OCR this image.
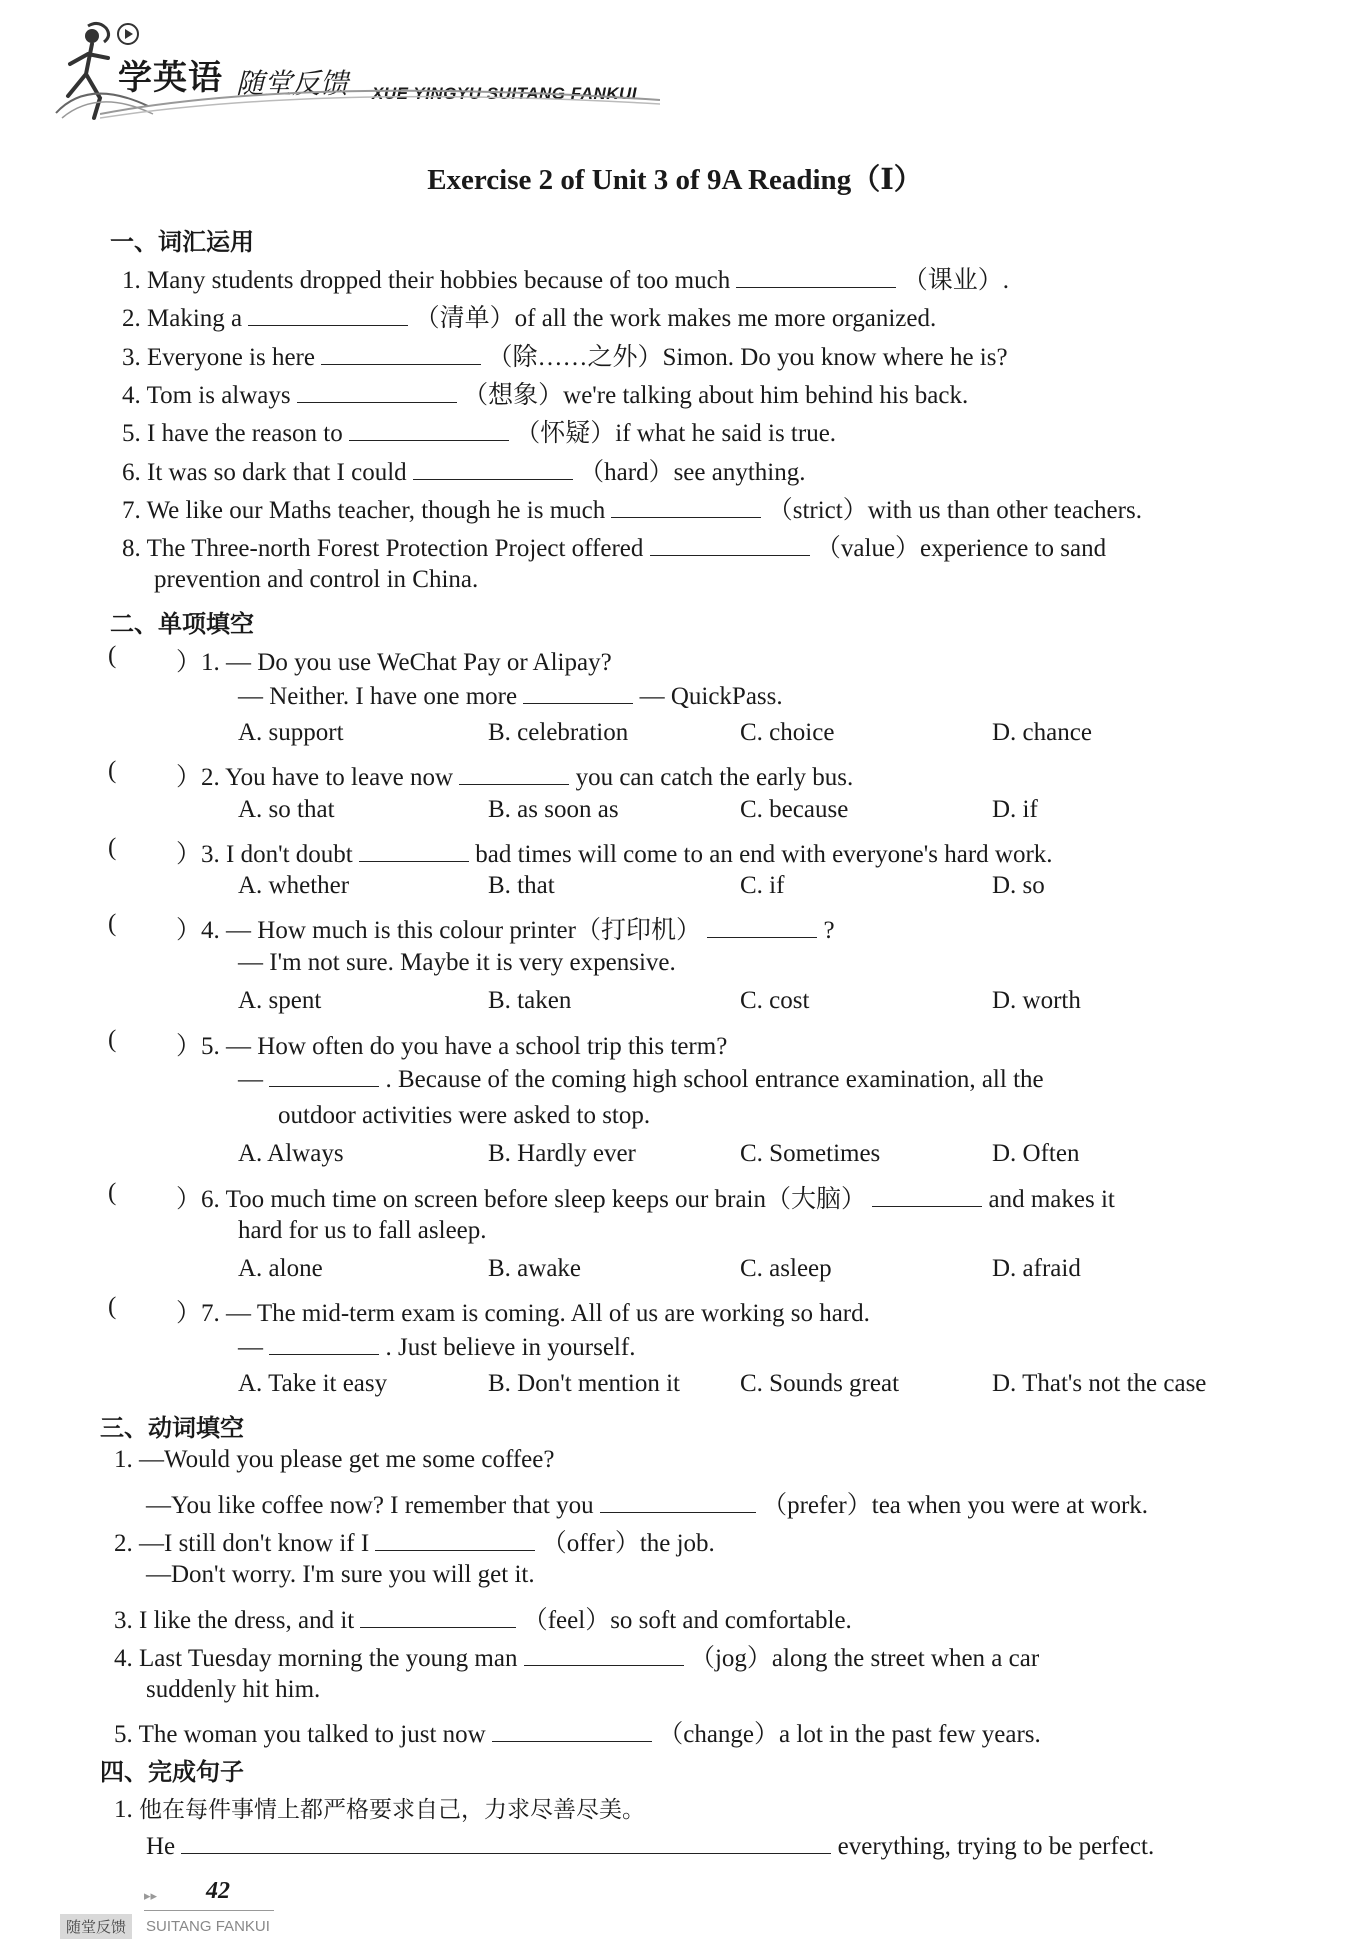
学英语 随堂反馈 XUE YINGYU SUITANG FANKUI
Exercise 2 of Unit 3 of 9A Reading（Ⅰ）
一、词汇运用
1. Many students dropped their hobbies because of too much	（课业）.
2. Making a	（清单）of all the work makes me more organized.
3. Everyone is here	（除……之外）Simon. Do you know where he is?
4. Tom is always	（想象）we're talking about him behind his back.
5. I have the reason to	（怀疑）if what he said is true.
6. It was so dark that I could	（hard）see anything.
7. We like our Maths teacher, though he is much	（strict）with us than other teachers.
8. The Three-north Forest Protection Project offered	（value）experience to sand
prevention and control in China.
二、单项填空
( ）1. — Do you use WeChat Pay or Alipay?
— Neither. I have one more	— QuickPass.
A. support	B. celebration	C. choice	D. chance
( ）2. You have to leave now	you can catch the early bus.
A. so that	B. as soon as	C. because	D. if
( ）3. I don't doubt	bad times will come to an end with everyone's hard work.
A. whether	B. that	C. if	D. so
( ）4. — How much is this colour printer（打印机）	?
— I'm not sure. Maybe it is very expensive.
A. spent	B. taken	C. cost	D. worth
( ）5. — How often do you have a school trip this term?
—	. Because of the coming high school entrance examination, all the
outdoor activities were asked to stop.
A. Always	B. Hardly ever	C. Sometimes	D. Often
( ）6. Too much time on screen before sleep keeps our brain（大脑）	and makes it
hard for us to fall asleep.
A. alone	B. awake	C. asleep	D. afraid
( ）7. — The mid-term exam is coming. All of us are working so hard.
—	. Just believe in yourself.
A. Take it easy	B. Don't mention it C. Sounds great	D. That's not the case
三、动词填空
1. —Would you please get me some coffee?
—You like coffee now? I remember that you	（prefer）tea when you were at work.
2. —I still don't know if I	（offer）the job.
—Don't worry. I'm sure you will get it.
3. I like the dress, and it	（feel）so soft and comfortable.
4. Last Tuesday morning the young man	（jog）along the street when a car
suddenly hit him.
5. The woman you talked to just now	（change）a lot in the past few years.
四、完成句子
1. 他在每件事情上都严格要求自己，力求尽善尽美。
He	everything, trying to be perfect.
▸▸ 42
随堂反馈	SUITANG FANKUI
